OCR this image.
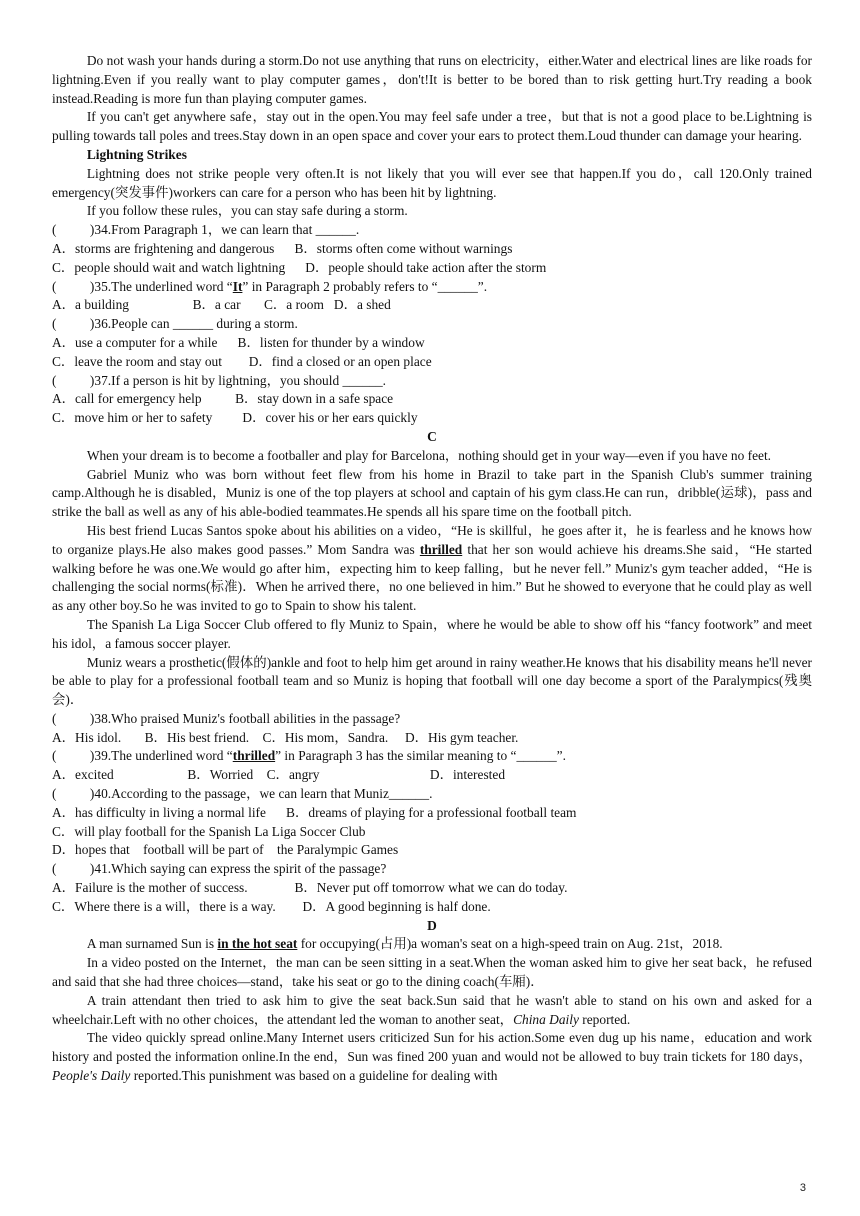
Do not wash your hands during a storm.Do not use anything that runs on electricity，either.Water and electrical lines are like roads for lightning.Even if you really want to play computer games，don't!It is better to be bored than to risk getting hurt.Try reading a book instead.Reading is more fun than playing computer games.

If you can't get anywhere safe，stay out in the open.You may feel safe under a tree，but that is not a good place to be.Lightning is pulling towards tall poles and trees.Stay down in an open space and cover your ears to protect them.Loud thunder can damage your hearing.

Lightning Strikes

Lightning does not strike people very often.It is not likely that you will ever see that happen.If you do，call 120.Only trained emergency(突发事件)workers can care for a person who has been hit by lightning.

If you follow these rules，you can stay safe during a storm.

(          )34.From Paragraph 1，we can learn that ______.

A．storms are frightening and dangerous      B．storms often come without warnings

C．people should wait and watch lightning      D．people should take action after the storm

(          )35.The underlined word “It” in Paragraph 2 probably refers to “______”.

A．a building                   B．a car       C．a room   D．a shed

(          )36.People can ______ during a storm.

A．use a computer for a while      B．listen for thunder by a window

C．leave the room and stay out        D．find a closed or an open place

(          )37.If a person is hit by lightning，you should ______.

A．call for emergency help          B．stay down in a safe space

C．move him or her to safety         D．cover his or her ears quickly

C

When your dream is to become a footballer and play for Barcelona，nothing should get in your way—even if you have no feet.

Gabriel Muniz who was born without feet flew from his home in Brazil to take part in the Spanish Club's summer training camp.Although he is disabled，Muniz is one of the top players at school and captain of his gym class.He can run，dribble(运球)，pass and strike the ball as well as any of his able-bodied teammates.He spends all his spare time on the football pitch.

His best friend Lucas Santos spoke about his abilities on a video，“He is skillful，he goes after it，he is fearless and he knows how to organize plays.He also makes good passes.” Mom Sandra was thrilled that her son would achieve his dreams.She said，“He started walking before he was one.We would go after him，expecting him to keep falling，but he never fell.” Muniz's gym teacher added，“He is challenging the social norms(标准)．When he arrived there，no one believed in him.” But he showed to everyone that he could play as well as any other boy.So he was invited to go to Spain to show his talent.

The Spanish La Liga Soccer Club offered to fly Muniz to Spain，where he would be able to show off his “fancy footwork” and meet his idol，a famous soccer player.

Muniz wears a prosthetic(假体的)ankle and foot to help him get around in rainy weather.He knows that his disability means he'll never be able to play for a professional football team and so Muniz is hoping that football will one day become a sport of the Paralympics(残奥会)．

(          )38.Who praised Muniz's football abilities in the passage?

A．His idol.       B．His best friend.    C．His mom，Sandra.     D．His gym teacher.

(          )39.The underlined word “thrilled” in Paragraph 3 has the similar meaning to “______”.

A．excited                      B．Worried    C．angry                                 D．interested

(          )40.According to the passage，we can learn that Muniz______.

A．has difficulty in living a normal life      B．dreams of playing for a professional football team

C．will play football for the Spanish La Liga Soccer Club

D．hopes that    football will be part of    the Paralympic Games

(          )41.Which saying can express the spirit of the passage?

A．Failure is the mother of success.              B．Never put off tomorrow what we can do today.

C．Where there is a will，there is a way.        D．A good beginning is half done.

D

A man surnamed Sun is in the hot seat for occupying(占用)a woman's seat on a high-speed train on Aug. 21st，2018.

In a video posted on the Internet，the man can be seen sitting in a seat.When the woman asked him to give her seat back，he refused and said that she had three choices—stand，take his seat or go to the dining coach(车厢)．

A train attendant then tried to ask him to give the seat back.Sun said that he wasn't able to stand on his own and asked for a wheelchair.Left with no other choices，the attendant led the woman to another seat，China Daily reported.

The video quickly spread online.Many Internet users criticized Sun for his action.Some even dug up his name，education and work history and posted the information online.In the end，Sun was fined 200 yuan and would not be allowed to buy train tickets for 180 days，People's Daily reported.This punishment was based on a guideline for dealing with

3
